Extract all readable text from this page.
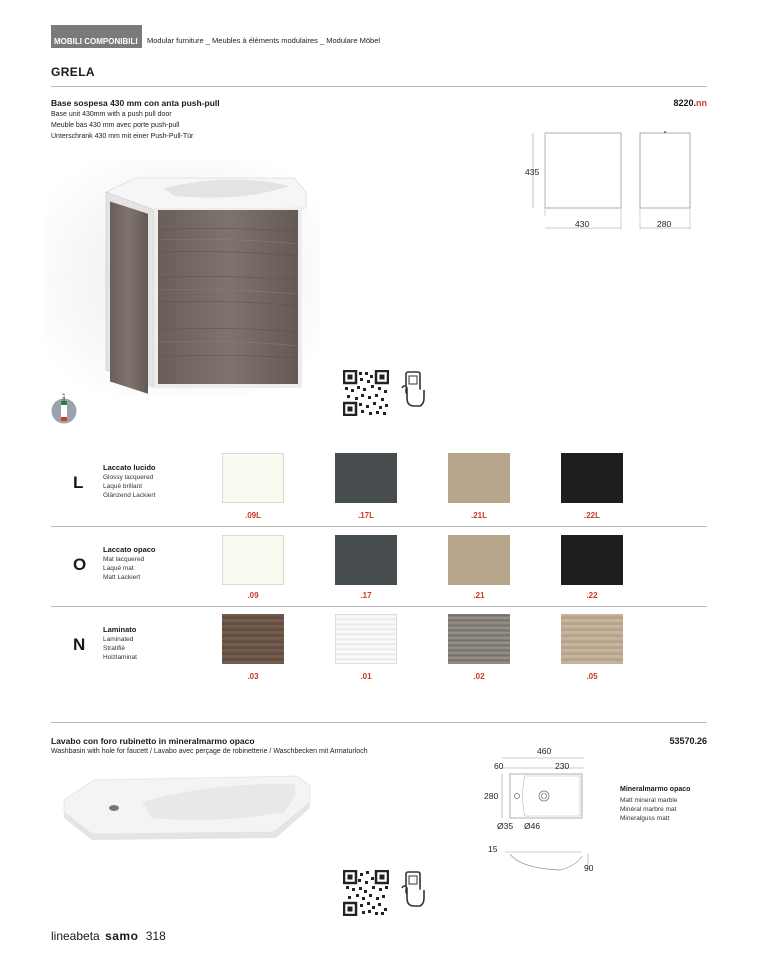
MOBILI COMPONIBILI	Modular furniture _ Meubles à éléments modulaires _ Modulare Möbel
GRELA
Base sospesa 430 mm con anta push-pull
Base unit 430mm with a push pull door
Meuble bas 430 mm avec porte push-pull
Unterschrank 430 mm mit einer Push-Pull-Tür
8220.nn
435
430	280
ITALY
L
Laccato lucido
Glossy lacquered
Laqué brillant
Glänzend Lackiert
.09L	.17L	.21L	.22L
O
Laccato opaco
Mat lacquered
Laqué mat
Matt Lackiert
.09	.17	.21	.22
N
Laminato
Laminated
Stratifiè
Holzlaminat
.03	.01	.02	.05
Lavabo con foro rubinetto in mineralmarmo opaco
Washbasin with hole for faucett / Lavabo avec perçage de robinetterie / Waschbecken mit Armaturloch
53570.26
460
60	230
280
Ø35 Ø46
15
90
Mineralmarmo opaco
Matt mineral marble
Minéral marbre mat
Mineralguss matt
lineabeta samo 318
